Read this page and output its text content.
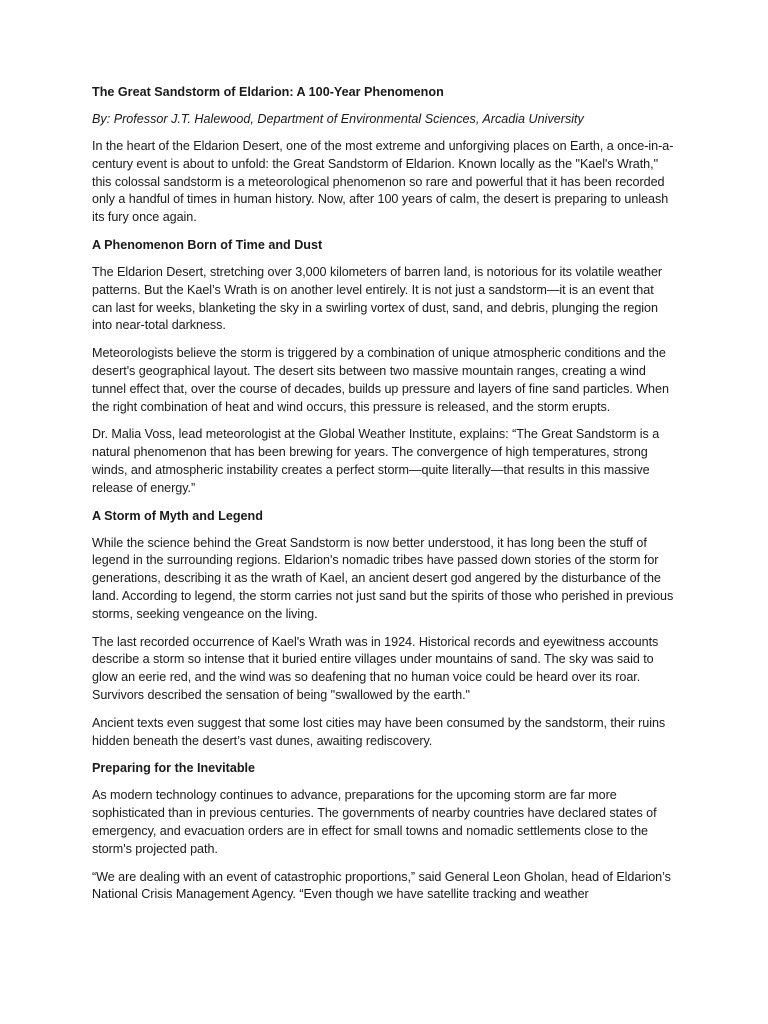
The Great Sandstorm of Eldarion: A 100-Year Phenomenon

By: Professor J.T. Halewood, Department of Environmental Sciences, Arcadia University

In the heart of the Eldarion Desert, one of the most extreme and unforgiving places on Earth, a once-in-a-century event is about to unfold: the Great Sandstorm of Eldarion. Known locally as the "Kael's Wrath," this colossal sandstorm is a meteorological phenomenon so rare and powerful that it has been recorded only a handful of times in human history. Now, after 100 years of calm, the desert is preparing to unleash its fury once again.

A Phenomenon Born of Time and Dust

The Eldarion Desert, stretching over 3,000 kilometers of barren land, is notorious for its volatile weather patterns. But the Kael’s Wrath is on another level entirely. It is not just a sandstorm—it is an event that can last for weeks, blanketing the sky in a swirling vortex of dust, sand, and debris, plunging the region into near-total darkness.

Meteorologists believe the storm is triggered by a combination of unique atmospheric conditions and the desert's geographical layout. The desert sits between two massive mountain ranges, creating a wind tunnel effect that, over the course of decades, builds up pressure and layers of fine sand particles. When the right combination of heat and wind occurs, this pressure is released, and the storm erupts.

Dr. Malia Voss, lead meteorologist at the Global Weather Institute, explains: “The Great Sandstorm is a natural phenomenon that has been brewing for years. The convergence of high temperatures, strong winds, and atmospheric instability creates a perfect storm—quite literally—that results in this massive release of energy.”

A Storm of Myth and Legend

While the science behind the Great Sandstorm is now better understood, it has long been the stuff of legend in the surrounding regions. Eldarion's nomadic tribes have passed down stories of the storm for generations, describing it as the wrath of Kael, an ancient desert god angered by the disturbance of the land. According to legend, the storm carries not just sand but the spirits of those who perished in previous storms, seeking vengeance on the living.

The last recorded occurrence of Kael's Wrath was in 1924. Historical records and eyewitness accounts describe a storm so intense that it buried entire villages under mountains of sand. The sky was said to glow an eerie red, and the wind was so deafening that no human voice could be heard over its roar. Survivors described the sensation of being "swallowed by the earth."

Ancient texts even suggest that some lost cities may have been consumed by the sandstorm, their ruins hidden beneath the desert’s vast dunes, awaiting rediscovery.

Preparing for the Inevitable

As modern technology continues to advance, preparations for the upcoming storm are far more sophisticated than in previous centuries. The governments of nearby countries have declared states of emergency, and evacuation orders are in effect for small towns and nomadic settlements close to the storm's projected path.

“We are dealing with an event of catastrophic proportions,” said General Leon Gholan, head of Eldarion’s National Crisis Management Agency. “Even though we have satellite tracking and weather
